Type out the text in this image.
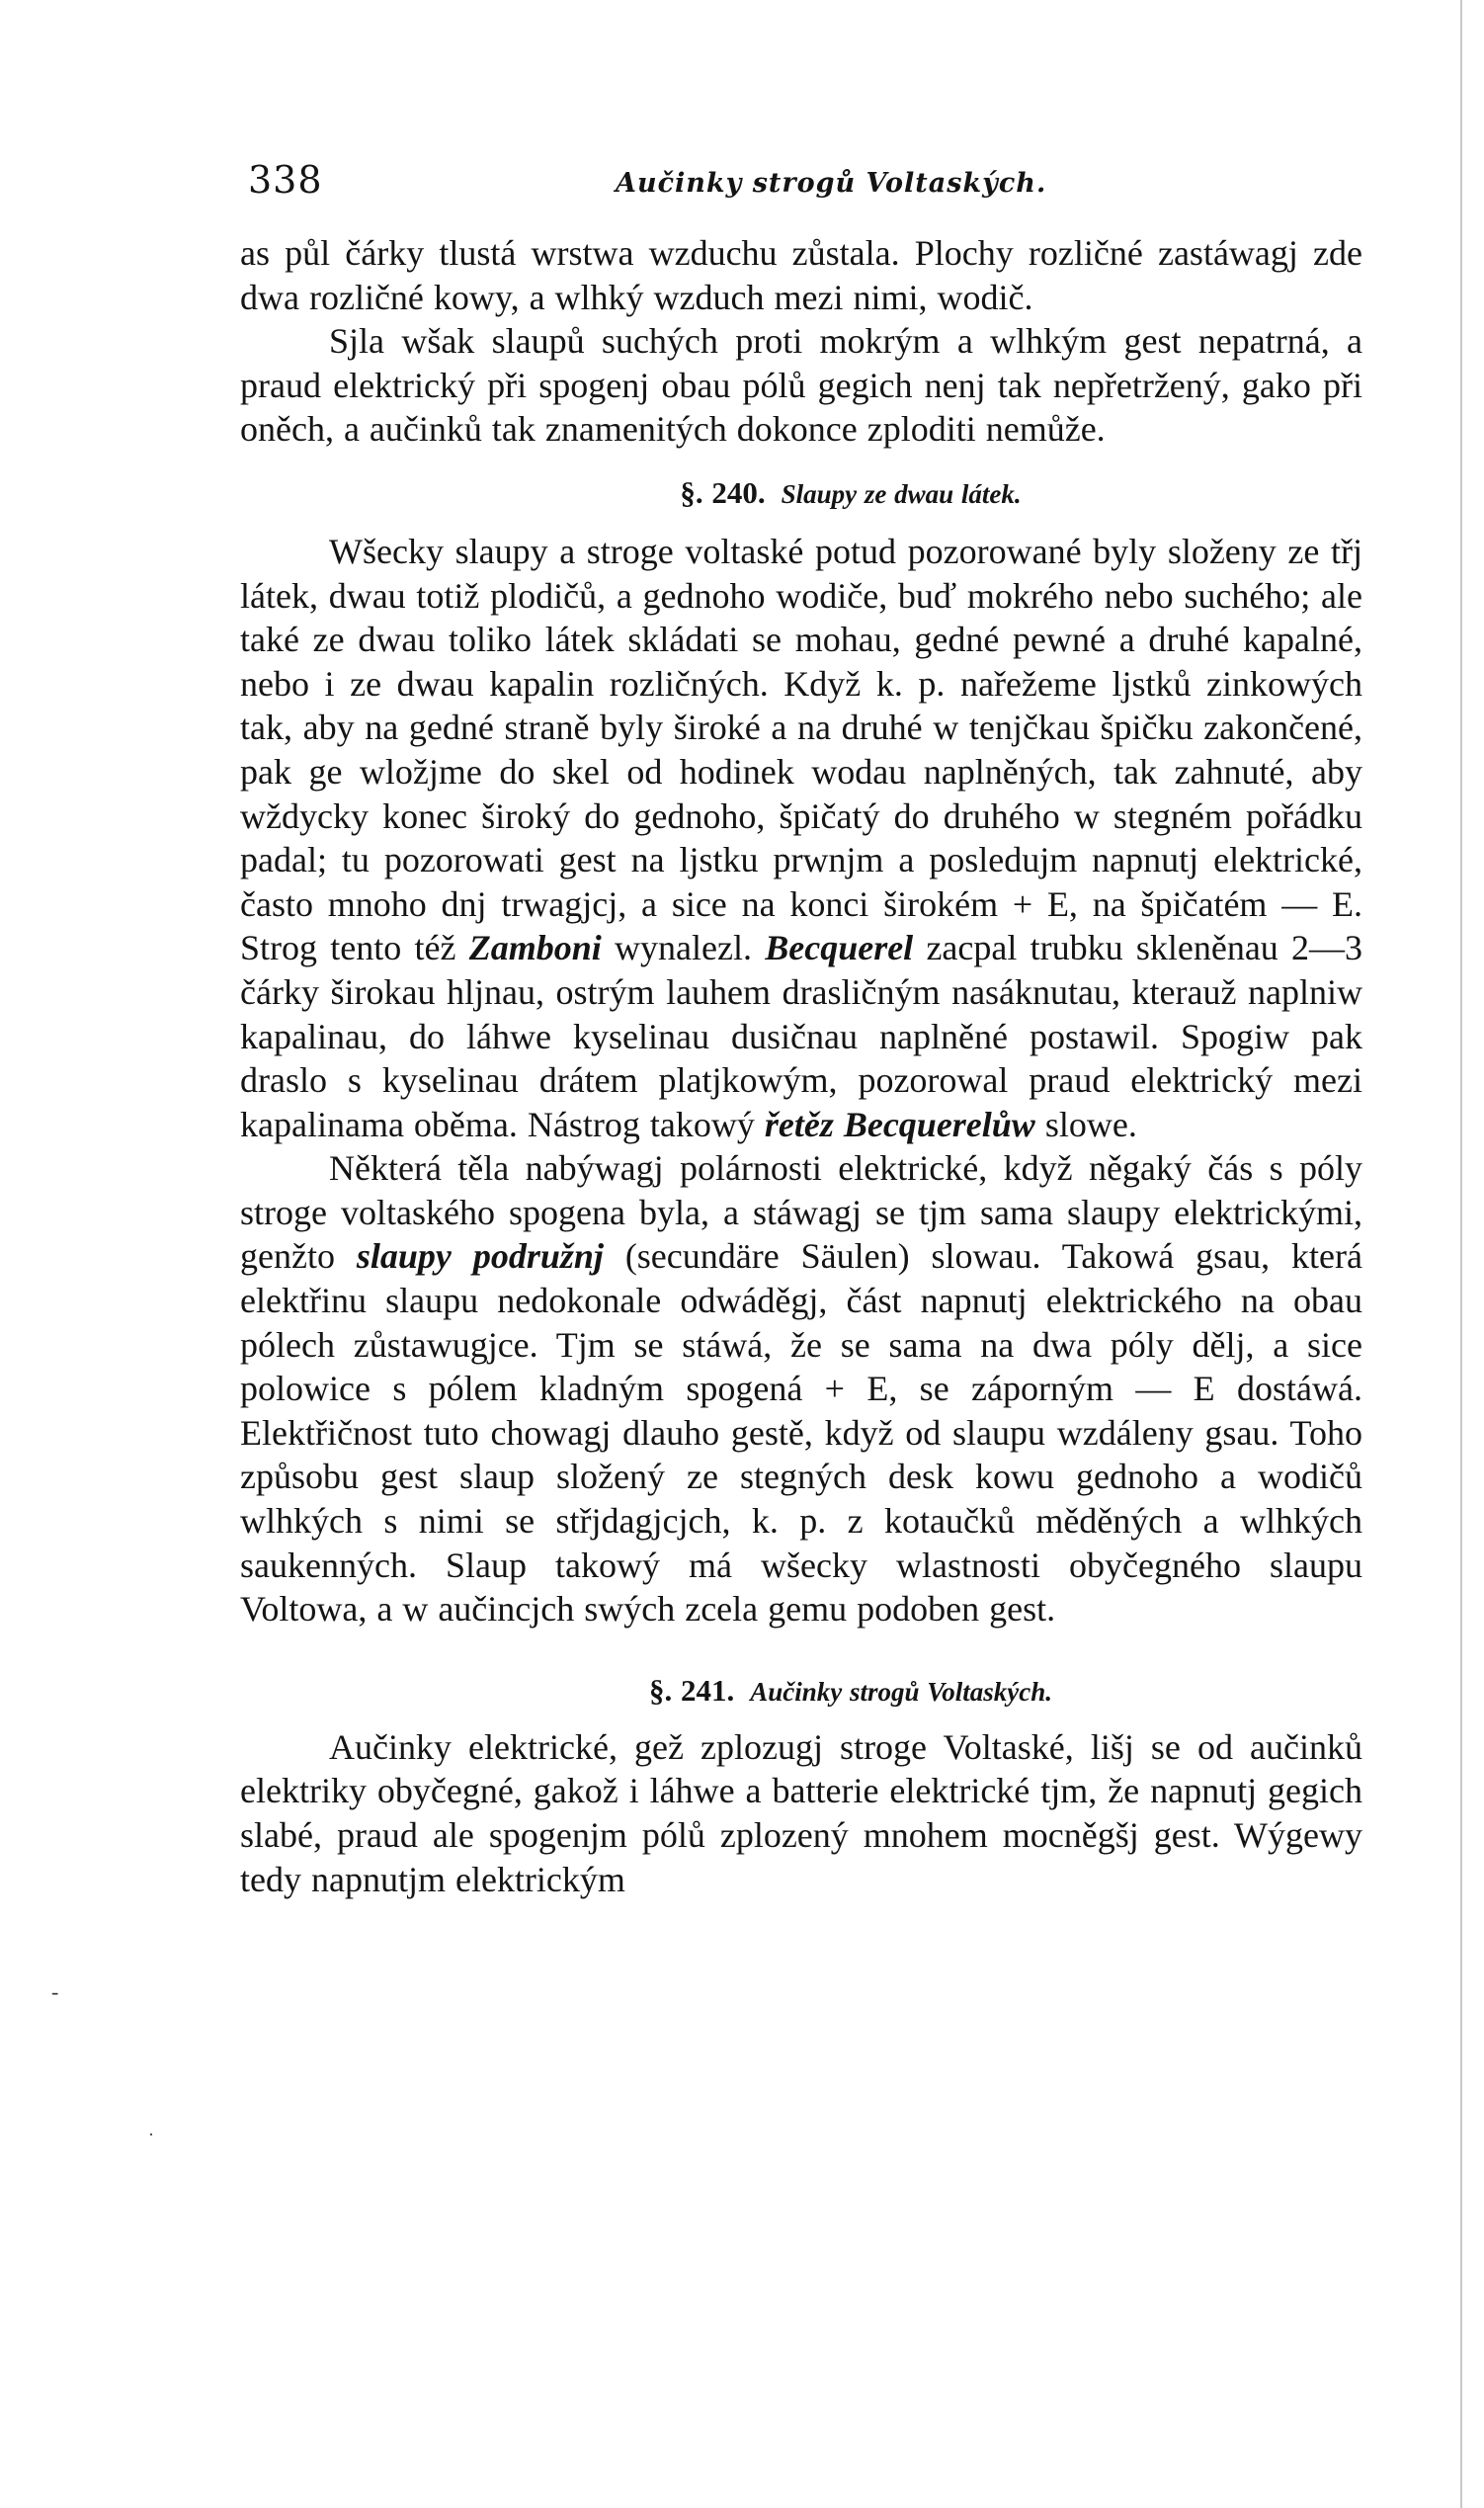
-
·
338	Aučinky strogů Voltaských.

as půl čárky tlustá wrstwa wzduchu zůstala. Plochy rozličné zastáwagj zde dwa rozličné kowy, a wlhký wzduch mezi nimi, wodič.

Sjla wšak slaupů suchých proti mokrým a wlhkým gest nepatrná, a praud elektrický při spogenj obau pólů gegich nenj tak nepřetržený, gako při oněch, a aučinků tak znamenitých dokonce zploditi nemůže.

§. 240. Slaupy ze dwau látek.

Wšecky slaupy a stroge voltaské potud pozorowané byly složeny ze třj látek, dwau totiž plodičů, a gednoho wodiče, buď mokrého nebo suchého; ale také ze dwau toliko látek skládati se mohau, gedné pewné a druhé kapalné, nebo i ze dwau kapalin rozličných. Když k. p. nařežeme ljstků zinkowých tak, aby na gedné straně byly široké a na druhé w tenjčkau špičku zakončené, pak ge wložjme do skel od hodinek wodau naplněných, tak zahnuté, aby wždycky konec široký do gednoho, špičatý do druhého w stegném pořádku padal; tu pozorowati gest na ljstku prwnjm a posledujm napnutj elektrické, často mnoho dnj trwagjcj, a sice na konci širokém + E, na špičatém — E. Strog tento též Zamboni wynalezl. Becquerel zacpal trubku skleněnau 2—3 čárky širokau hljnau, ostrým lauhem drasličným nasáknutau, kterauž naplniw kapalinau, do láhwe kyselinau dusičnau naplněné postawil. Spogiw pak draslo s kyselinau drátem platjkowým, pozorowal praud elektrický mezi kapalinama oběma. Nástrog takowý řetěz Becquerelůw slowe.

Některá těla nabýwagj polárnosti elektrické, když něgaký čás s póly stroge voltaského spogena byla, a stáwagj se tjm sama slaupy elektrickými, genžto slaupy podružnj (secundäre Säulen) slowau. Takowá gsau, která elektřinu slaupu nedokonale odwáděgj, část napnutj elektrického na obau pólech zůstawugjce. Tjm se stáwá, že se sama na dwa póly dělj, a sice polowice s pólem kladným spogená + E, se záporným — E dostáwá. Elektřičnost tuto chowagj dlauho gestě, když od slaupu wzdáleny gsau. Toho způsobu gest slaup složený ze stegných desk kowu gednoho a wodičů wlhkých s nimi se střjdagjcjch, k. p. z kotaučků měděných a wlhkých saukenných. Slaup takowý má wšecky wlastnosti obyčegného slaupu Voltowa, a w aučincjch swých zcela gemu podoben gest.

§. 241. Aučinky strogů Voltaských.

Aučinky elektrické, gež zplozugj stroge Voltaské, lišj se od aučinků elektriky obyčegné, gakož i láhwe a batterie elektrické tjm, že napnutj gegich slabé, praud ale spogenjm pólů zplozený mnohem mocněgšj gest. Wýgewy tedy napnutjm elektrickým
